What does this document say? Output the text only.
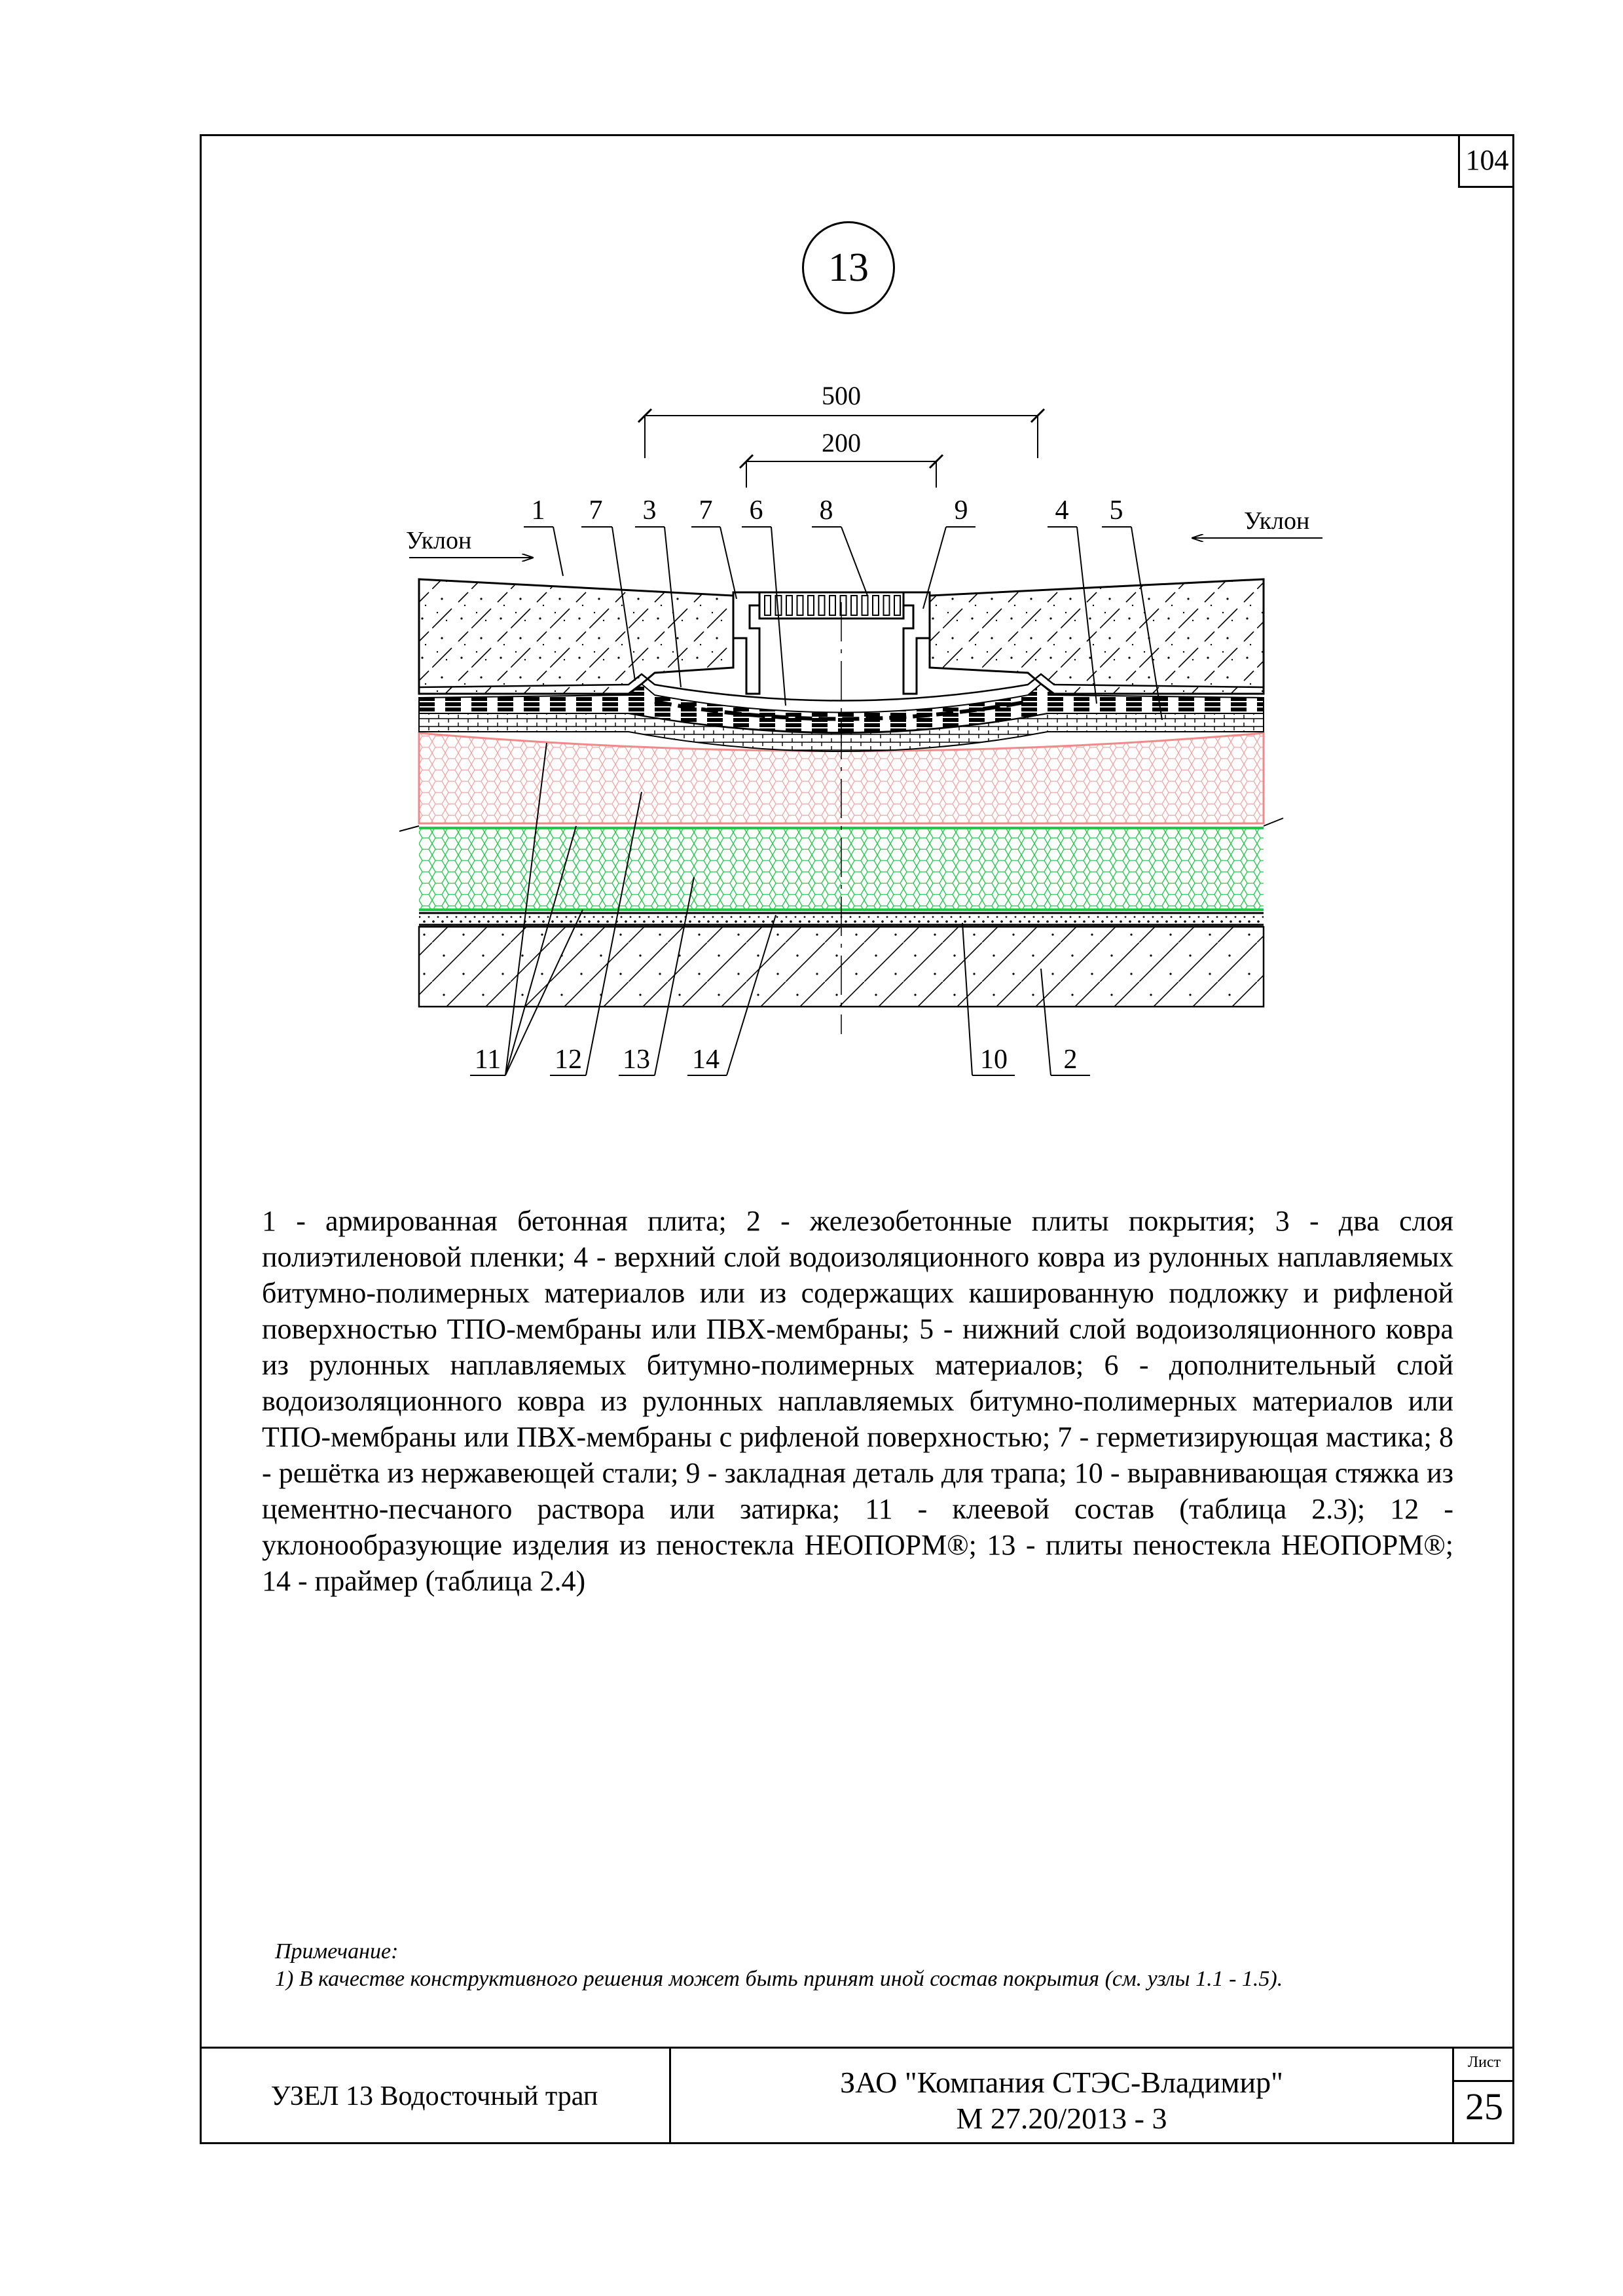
104
13
500
200
Уклон
Уклон
1 7 3 7 6 8	9	4 5
11 12 13 14	10 2

1 - армированная бетонная плита; 2 - железобетонные плиты покрытия; 3 - два слоя полиэтиленовой пленки; 4 - верхний слой водоизоляционного ковра из рулонных наплавляемых битумно-полимерных материалов или из содержащих кашированную подложку и рифленой поверхностью ТПО-мембраны или ПВХ-мембраны; 5 - нижний слой водоизоляционного ковра из рулонных наплавляемых битумно-полимерных материалов; 6 - дополнительный слой водоизоляционного ковра из рулонных наплавляемых битумно-полимерных материалов или ТПО-мембраны или ПВХ-мембраны с рифленой поверхностью; 7 - герметизирующая мастика; 8 - решётка из нержавеющей стали; 9 - закладная деталь для трапа; 10 - выравнивающая стяжка из цементно-песчаного раствора или затирка; 11 - клеевой состав (таблица 2.3); 12 - уклонообразующие изделия из пеностекла НЕОПОРМ®; 13 - плиты пеностекла НЕОПОРМ®; 14 - праймер (таблица 2.4)

Примечание:
1) В качестве конструктивного решения может быть принят иной состав покрытия (см. узлы 1.1 - 1.5).
УЗЕЛ 13 Водосточный трап	ЗАО "Компания СТЭС-Владимир"
М 27.20/2013 - 3
Лист
25
